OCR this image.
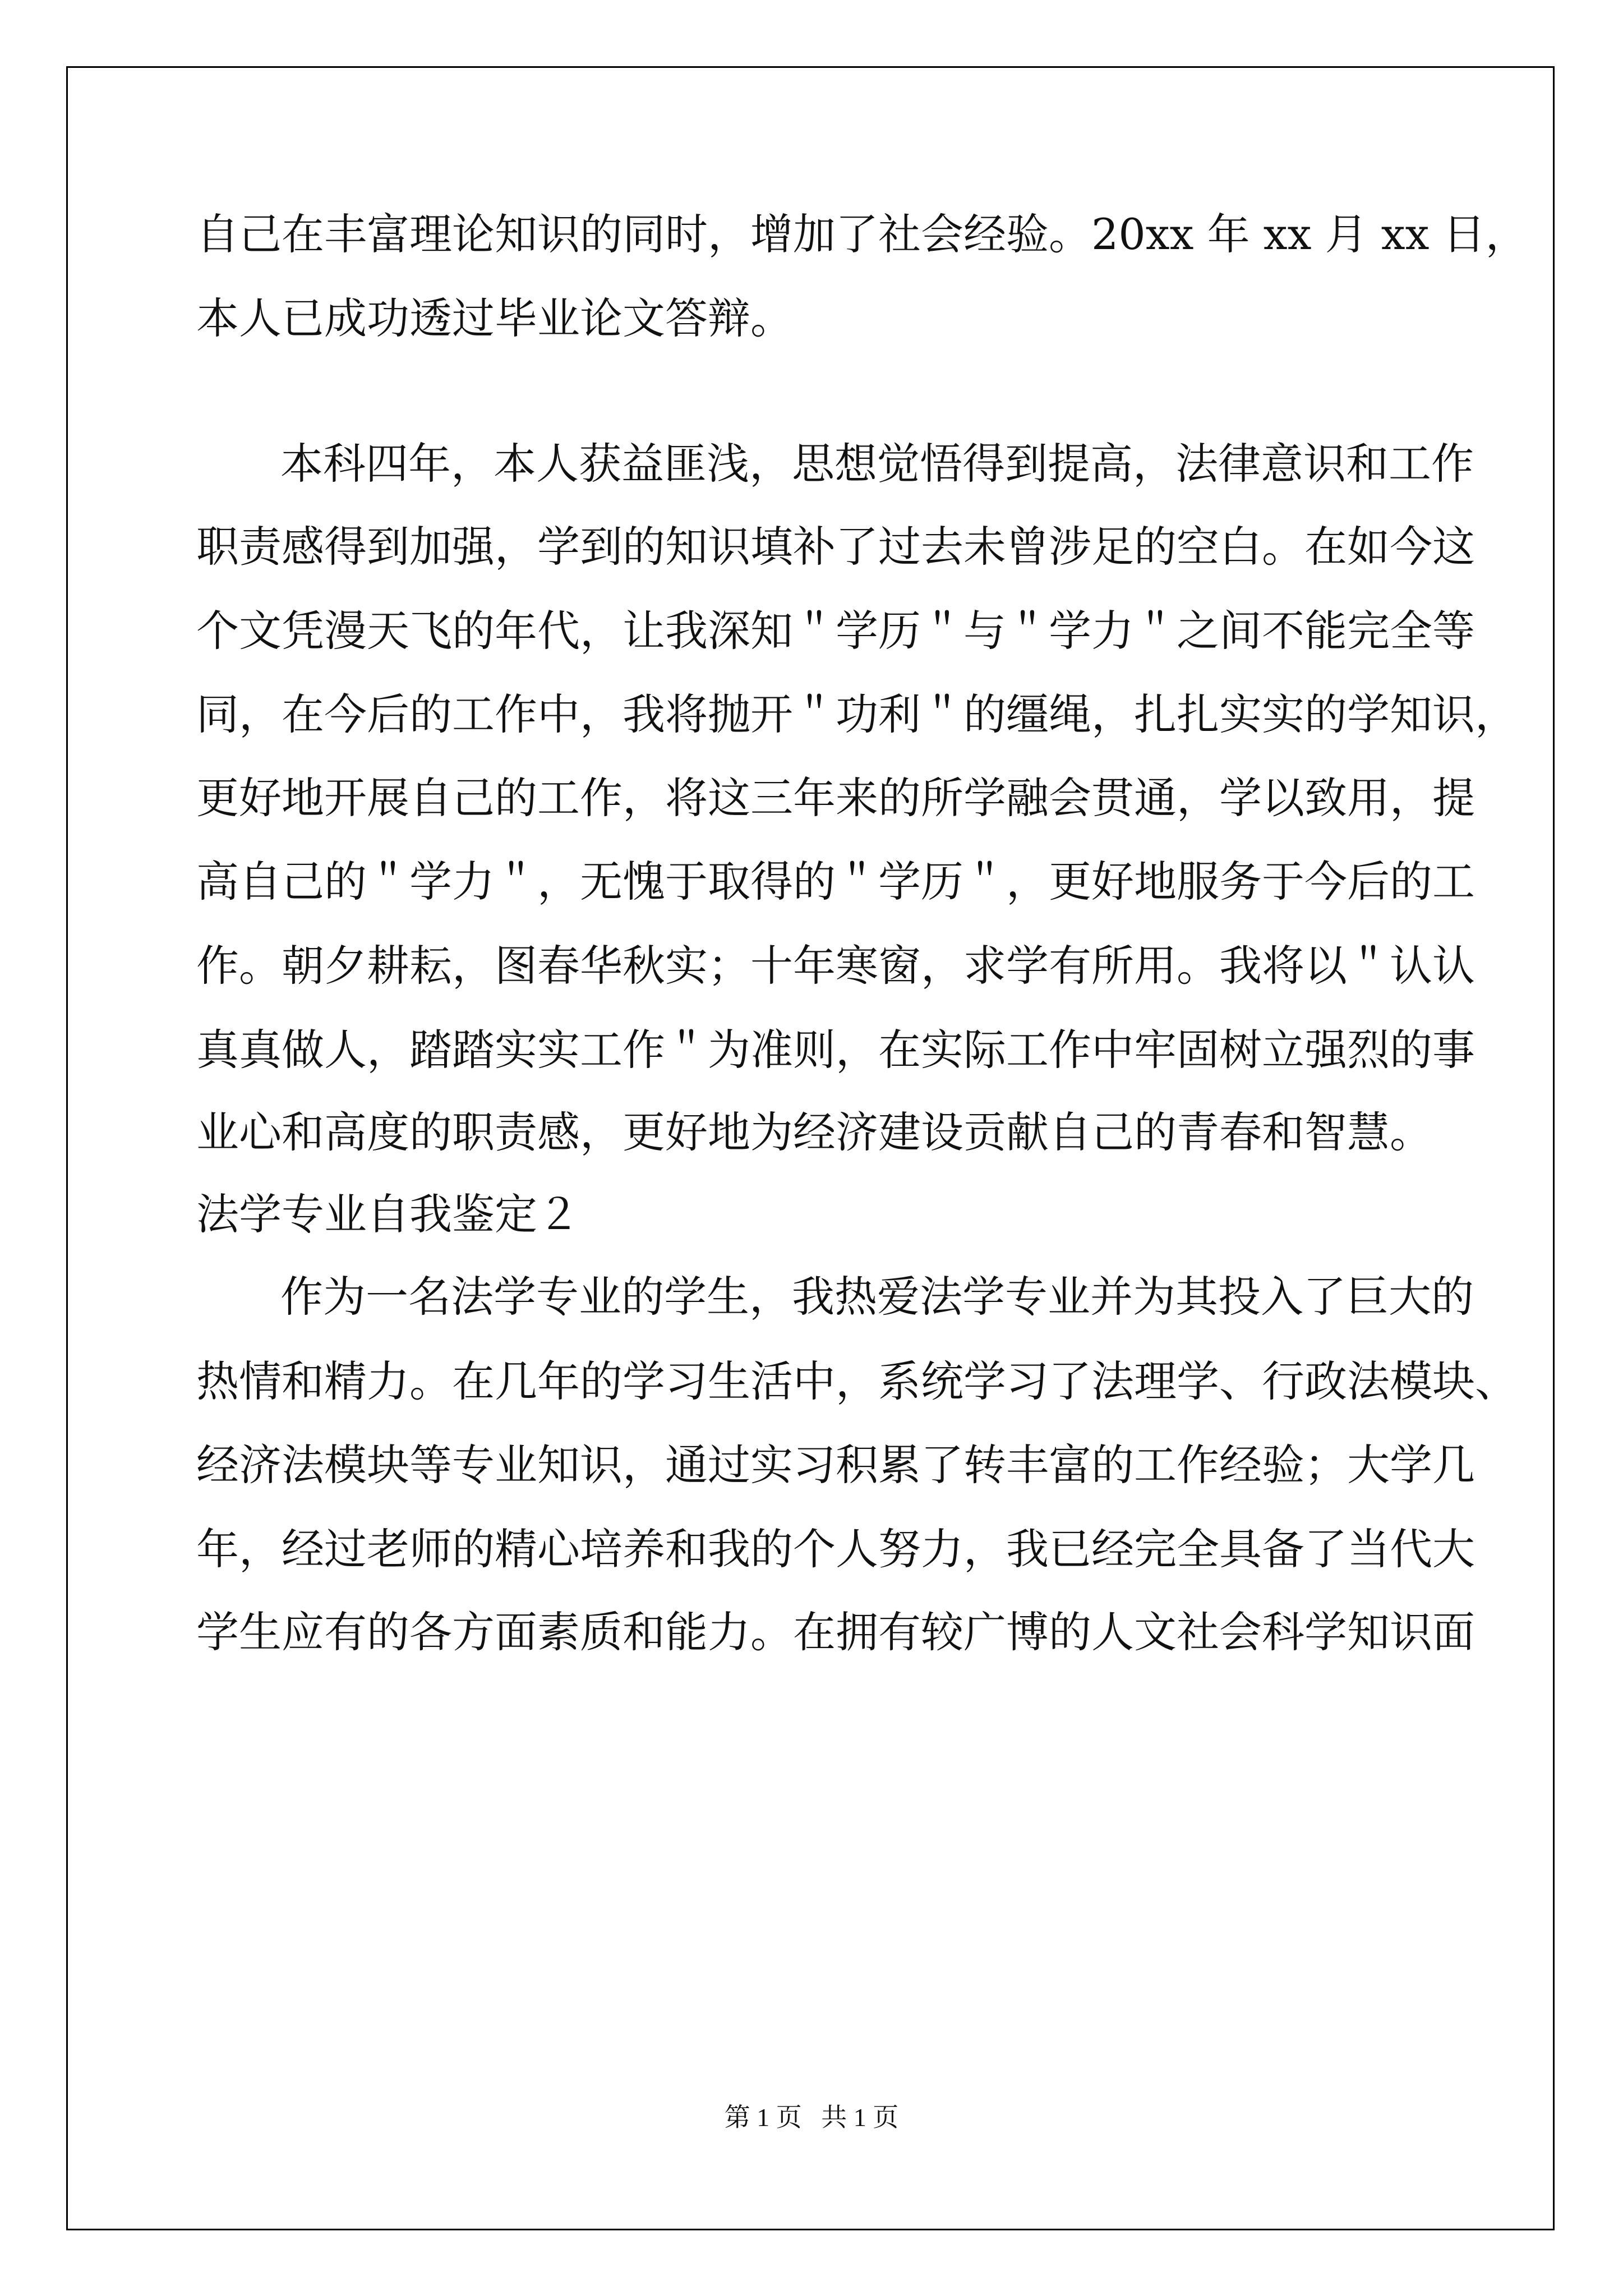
自己在丰富理论知识的同时，增加了社会经验。20xx 年 xx 月 xx 日，

本人已成功透过毕业论文答辩。

本科四年，本人获益匪浅，思想觉悟得到提高，法律意识和工作

职责感得到加强，学到的知识填补了过去未曾涉足的空白。在如今这

个文凭漫天飞的年代，让我深知＂学历＂与＂学力＂之间不能完全等

同，在今后的工作中，我将抛开＂功利＂的缰绳，扎扎实实的学知识，

更好地开展自己的工作，将这三年来的所学融会贯通，学以致用，提

高自己的＂学力＂，无愧于取得的＂学历＂，更好地服务于今后的工

作。朝夕耕耘，图春华秋实；十年寒窗，求学有所用。我将以＂认认

真真做人，踏踏实实工作＂为准则，在实际工作中牢固树立强烈的事

业心和高度的职责感，更好地为经济建设贡献自己的青春和智慧。

法学专业自我鉴定２

作为一名法学专业的学生，我热爱法学专业并为其投入了巨大的

热情和精力。在几年的学习生活中，系统学习了法理学、行政法模块、

经济法模块等专业知识，通过实习积累了转丰富的工作经验；大学几

年，经过老师的精心培养和我的个人努力，我已经完全具备了当代大

学生应有的各方面素质和能力。在拥有较广博的人文社会科学知识面

第 1 页   共 1 页
